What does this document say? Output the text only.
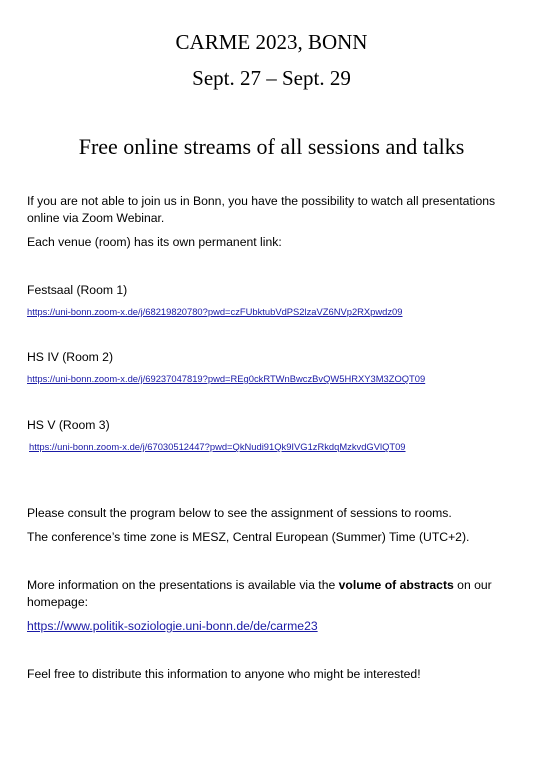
CARME 2023, BONN
Sept. 27 – Sept. 29
Free online streams of all sessions and talks
If you are not able to join us in Bonn, you have the possibility to watch all presentations
online via Zoom Webinar.
Each venue (room) has its own permanent link:
Festsaal (Room 1)
https://uni-bonn.zoom-x.de/j/68219820780?pwd=czFUbktubVdPS2lzaVZ6NVp2RXpwdz09
HS IV (Room 2)
https://uni-bonn.zoom-x.de/j/69237047819?pwd=REg0ckRTWnBwczBvQW5HRXY3M3ZOQT09
HS V (Room 3)
https://uni-bonn.zoom-x.de/j/67030512447?pwd=QkNudi91Qk9IVG1zRkdqMzkvdGVlQT09
Please consult the program below to see the assignment of sessions to rooms.
The conference’s time zone is MESZ, Central European (Summer) Time (UTC+2).
More information on the presentations is available via the volume of abstracts on our
homepage:
https://www.politik-soziologie.uni-bonn.de/de/carme23
Feel free to distribute this information to anyone who might be interested!
